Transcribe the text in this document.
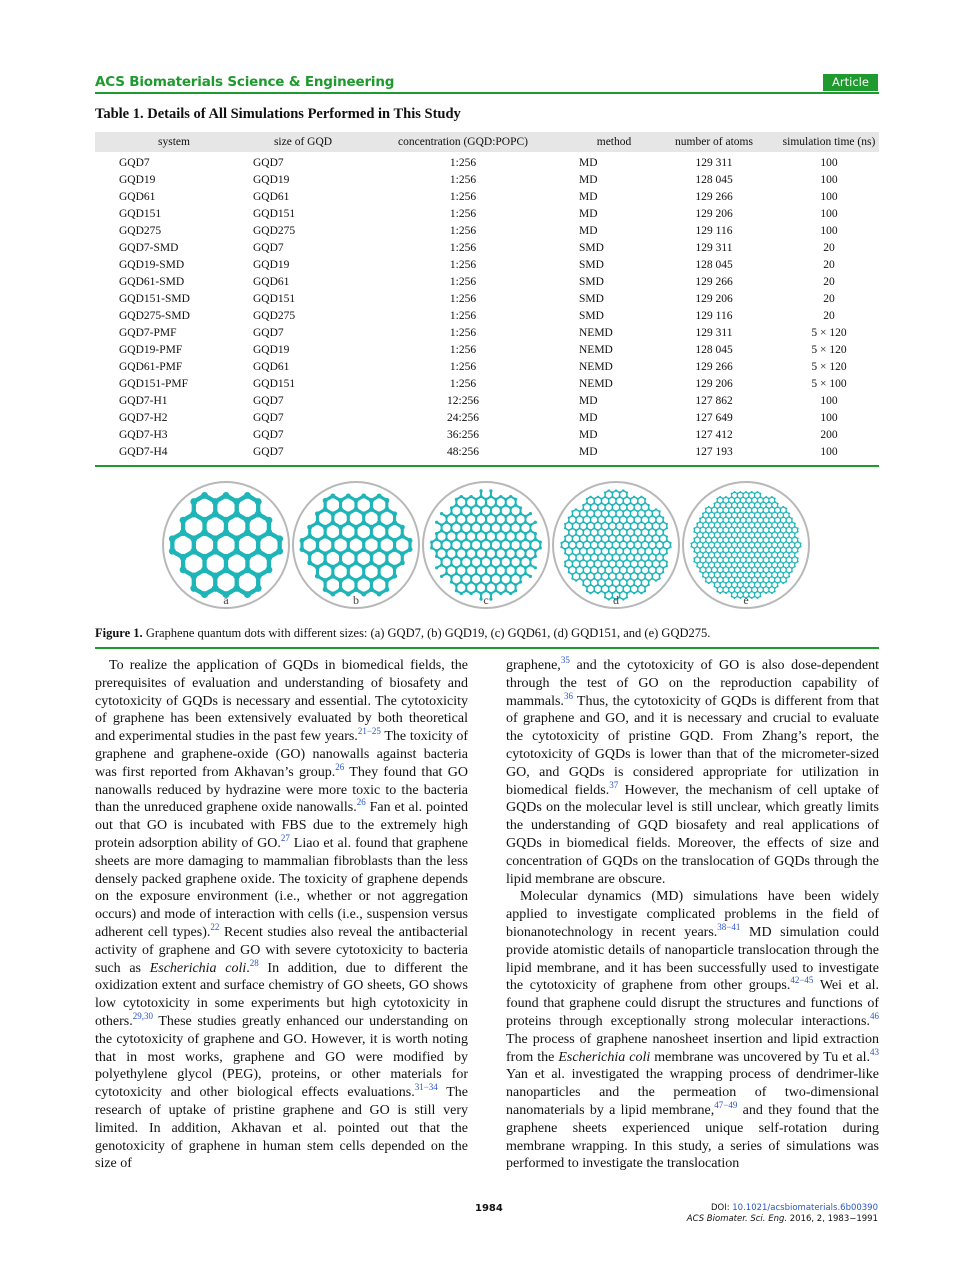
ACS Biomaterials Science & Engineering	Article
Table 1. Details of All Simulations Performed in This Study
system	size of GQD	concentration (GQD:POPC)	method	number of atoms	simulation time (ns)
GQD7	GQD7	1:256	MD	129 311	100
GQD19	GQD19	1:256	MD	128 045	100
GQD61	GQD61	1:256	MD	129 266	100
GQD151	GQD151	1:256	MD	129 206	100
GQD275	GQD275	1:256	MD	129 116	100
GQD7-SMD	GQD7	1:256	SMD	129 311	20
GQD19-SMD	GQD19	1:256	SMD	128 045	20
GQD61-SMD	GQD61	1:256	SMD	129 266	20
GQD151-SMD	GQD151	1:256	SMD	129 206	20
GQD275-SMD	GQD275	1:256	SMD	129 116	20
GQD7-PMF	GQD7	1:256	NEMD	129 311	5 × 120
GQD19-PMF	GQD19	1:256	NEMD	128 045	5 × 120
GQD61-PMF	GQD61	1:256	NEMD	129 266	5 × 120
GQD151-PMF	GQD151	1:256	NEMD	129 206	5 × 100
GQD7-H1	GQD7	12:256	MD	127 862	100
GQD7-H2	GQD7	24:256	MD	127 649	100
GQD7-H3	GQD7	36:256	MD	127 412	200
GQD7-H4	GQD7	48:256	MD	127 193	100
a	b	c	d	e
Figure 1. Graphene quantum dots with different sizes: (a) GQD7, (b) GQD19, (c) GQD61, (d) GQD151, and (e) GQD275.

To realize the application of GQDs in biomedical fields, the prerequisites of evaluation and understanding of biosafety and cytotoxicity of GQDs is necessary and essential. The cytotoxicity of graphene has been extensively evaluated by both theoretical and experimental studies in the past few years.$^{21-25}$ The toxicity of graphene and graphene-oxide (GO) nanowalls against bacteria was first reported from Akhavan’s group.$^{26}$ They found that GO nanowalls reduced by hydrazine were more toxic to the bacteria than the unreduced graphene oxide nanowalls.$^{26}$ Fan et al. pointed out that GO is incubated with FBS due to the extremely high protein adsorption ability of GO.$^{27}$ Liao et al. found that graphene sheets are more damaging to mammalian fibroblasts than the less densely packed graphene oxide. The toxicity of graphene depends on the exposure environment (i.e., whether or not aggregation occurs) and mode of interaction with cells (i.e., suspension versus adherent cell types).$^{22}$ Recent studies also reveal the antibacterial activity of graphene and GO with severe cytotoxicity to bacteria such as Escherichia coli.$^{28}$ In addition, due to different the oxidization extent and surface chemistry of GO sheets, GO shows low cytotoxicity in some experiments but high cytotoxicity in others.$^{29,30}$ These studies greatly enhanced our understanding on the cytotoxicity of graphene and GO. However, it is worth noting that in most works, graphene and GO were modified by polyethylene glycol (PEG), proteins, or other materials for cytotoxicity and other biological effects evaluations.$^{31-34}$ The research of uptake of pristine graphene and GO is still very limited. In addition, Akhavan et al. pointed out that the genotoxicity of graphene in human stem cells depended on the size of

graphene,$^{35}$ and the cytotoxicity of GO is also dose-dependent through the test of GO on the reproduction capability of mammals.$^{36}$ Thus, the cytotoxicity of GQDs is different from that of graphene and GO, and it is necessary and crucial to evaluate the cytotoxicity of pristine GQD. From Zhang’s report, the cytotoxicity of GQDs is lower than that of the micrometer-sized GO, and GQDs is considered appropriate for utilization in biomedical fields.$^{37}$ However, the mechanism of cell uptake of GQDs on the molecular level is still unclear, which greatly limits the understanding of GQD biosafety and real applications of GQDs in biomedical fields. Moreover, the effects of size and concentration of GQDs on the translocation of GQDs through the lipid membrane are obscure.

Molecular dynamics (MD) simulations have been widely applied to investigate complicated problems in the field of bionanotechnology in recent years.$^{38-41}$ MD simulation could provide atomistic details of nanoparticle translocation through the lipid membrane, and it has been successfully used to investigate the cytotoxicity of graphene from other groups.$^{42-45}$ Wei et al. found that graphene could disrupt the structures and functions of proteins through exceptionally strong molecular interactions.$^{46}$ The process of graphene nanosheet insertion and lipid extraction from the Escherichia coli membrane was uncovered by Tu et al.$^{43}$ Yan et al. investigated the wrapping process of dendrimer-like nanoparticles and the permeation of two-dimensional nanomaterials by a lipid membrane,$^{47-49}$ and they found that the graphene sheets experienced unique self-rotation during membrane wrapping. In this study, a series of simulations was performed to investigate the translocation

1984	DOI: 10.1021/acsbiomaterials.6b00390
ACS Biomater. Sci. Eng. 2016, 2, 1983−1991
